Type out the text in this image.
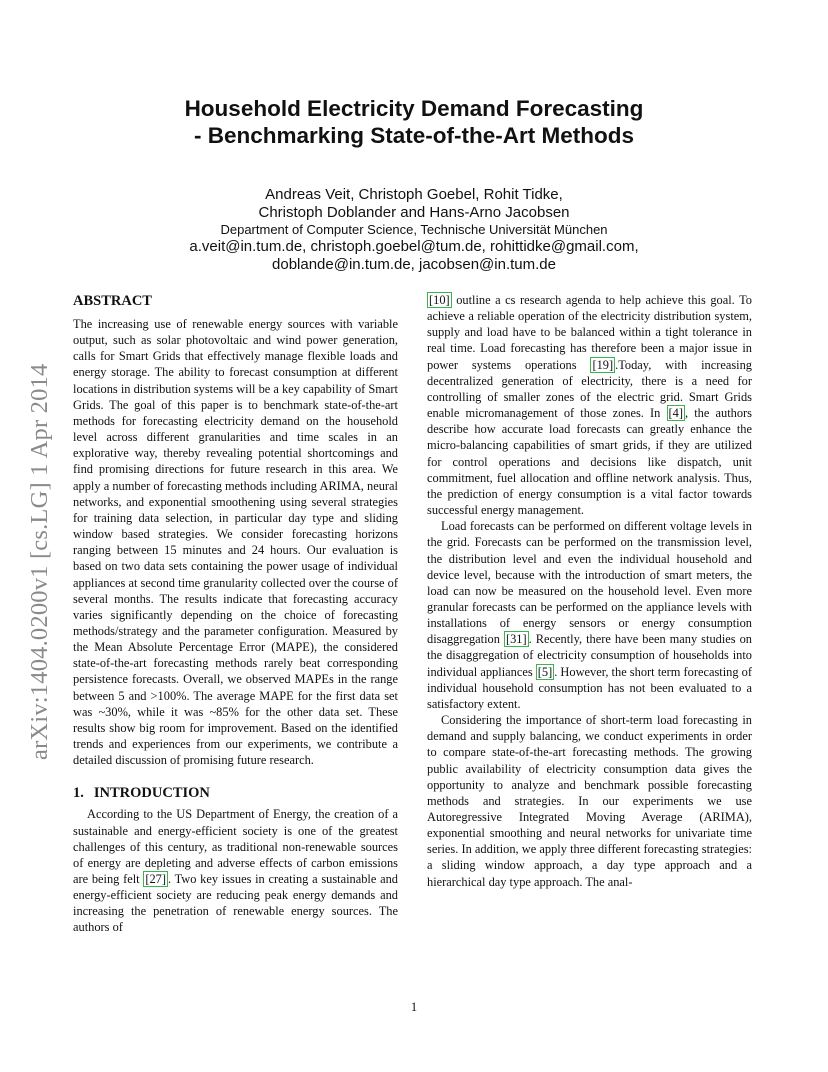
arXiv:1404.0200v1 [cs.LG] 1 Apr 2014
Household Electricity Demand Forecasting
- Benchmarking State-of-the-Art Methods
Andreas Veit, Christoph Goebel, Rohit Tidke,
Christoph Doblander and Hans-Arno Jacobsen
Department of Computer Science, Technische Universität München
a.veit@in.tum.de, christoph.goebel@tum.de, rohittidke@gmail.com,
doblande@in.tum.de, jacobsen@in.tum.de
ABSTRACT

The increasing use of renewable energy sources with variable output, such as solar photovoltaic and wind power generation, calls for Smart Grids that effectively manage flexible loads and energy storage. The ability to forecast consumption at different locations in distribution systems will be a key capability of Smart Grids. The goal of this paper is to benchmark state-of-the-art methods for forecasting electricity demand on the household level across different granularities and time scales in an explorative way, thereby revealing potential shortcomings and find promising directions for future research in this area. We apply a number of forecasting methods including ARIMA, neural networks, and exponential smoothening using several strategies for training data selection, in particular day type and sliding window based strategies. We consider forecasting horizons ranging between 15 minutes and 24 hours. Our evaluation is based on two data sets containing the power usage of individual appliances at second time granularity collected over the course of several months. The results indicate that forecasting accuracy varies significantly depending on the choice of forecasting methods/strategy and the parameter configuration. Measured by the Mean Absolute Percentage Error (MAPE), the considered state-of-the-art forecasting methods rarely beat corresponding persistence forecasts. Overall, we observed MAPEs in the range between 5 and >100%. The average MAPE for the first data set was ~30%, while it was ~85% for the other data set. These results show big room for improvement. Based on the identified trends and experiences from our experiments, we contribute a detailed discussion of promising future research.

1. INTRODUCTION

According to the US Department of Energy, the creation of a sustainable and energy-efficient society is one of the greatest challenges of this century, as traditional non-renewable sources of energy are depleting and adverse effects of carbon emissions are being felt [27] . Two key issues in creating a sustainable and energy-efficient society are reducing peak energy demands and increasing the penetration of renewable energy sources. The authors of

[10] outline a cs research agenda to help achieve this goal. To achieve a reliable operation of the electricity distribution system, supply and load have to be balanced within a tight tolerance in real time. Load forecasting has therefore been a major issue in power systems operations [19] .Today, with increasing decentralized generation of electricity, there is a need for controlling of smaller zones of the electric grid. Smart Grids enable micromanagement of those zones. In [4] , the authors describe how accurate load forecasts can greatly enhance the micro-balancing capabilities of smart grids, if they are utilized for control operations and decisions like dispatch, unit commitment, fuel allocation and offline network analysis. Thus, the prediction of energy consumption is a vital factor towards successful energy management.

Load forecasts can be performed on different voltage levels in the grid. Forecasts can be performed on the transmission level, the distribution level and even the individual household and device level, because with the introduction of smart meters, the load can now be measured on the household level. Even more granular forecasts can be performed on the appliance levels with installations of energy sensors or energy consumption disaggregation [31] . Recently, there have been many studies on the disaggregation of electricity consumption of households into individual appliances [5] . However, the short term forecasting of individual household consumption has not been evaluated to a satisfactory extent.

Considering the importance of short-term load forecasting in demand and supply balancing, we conduct experiments in order to compare state-of-the-art forecasting methods. The growing public availability of electricity consumption data gives the opportunity to analyze and benchmark possible forecasting methods and strategies. In our experiments we use Autoregressive Integrated Moving Average (ARIMA), exponential smoothing and neural networks for univariate time series. In addition, we apply three different forecasting strategies: a sliding window approach, a day type approach and a hierarchical day type approach. The anal-

1
